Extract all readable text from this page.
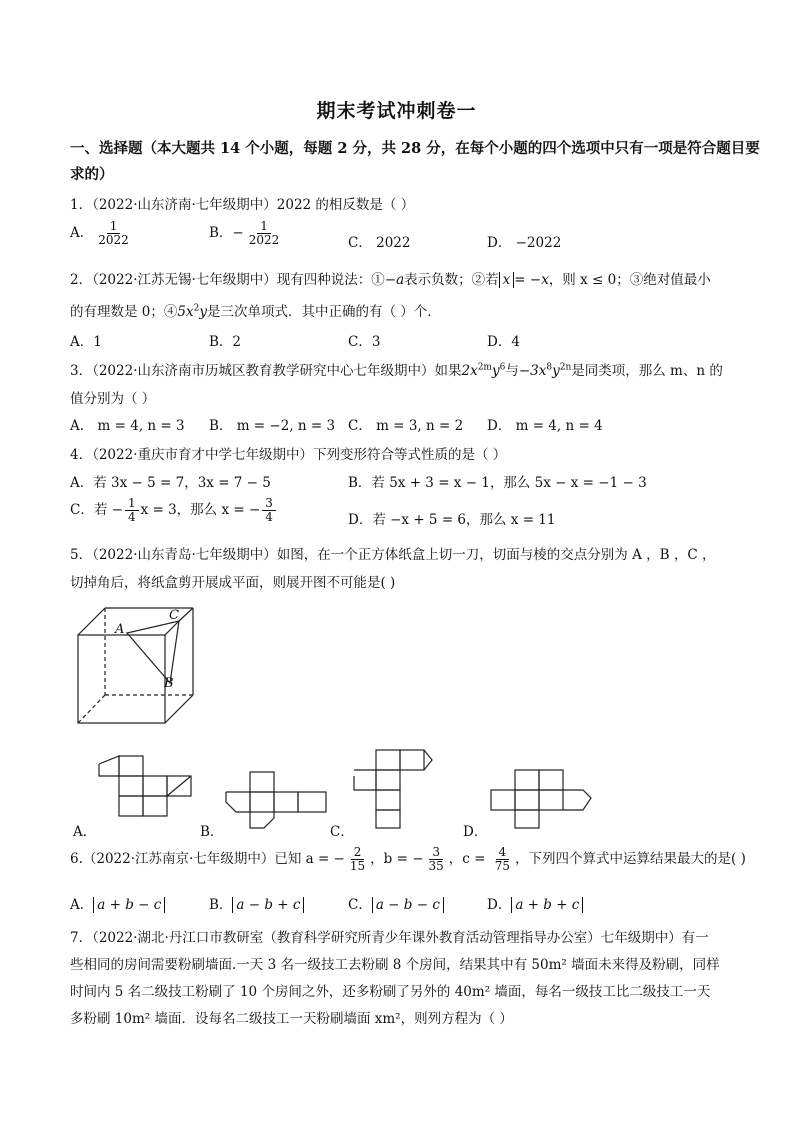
期末考试冲刺卷一
一、选择题（本大题共 14 个小题，每题 2 分，共 28 分，在每个小题的四个选项中只有一项是符合题目要
求的）
1．（2022·山东济南·七年级期中）2022 的相反数是（ ）
A． $\frac{1}{2022}$	B．− $\frac{1}{2022}$	C． 2022	D． −2022
2．（2022·江苏无锡·七年级期中）现有四种说法：①−a表示负数；②若 x = −x，则 x ≤ 0；③绝对值最小
的有理数是 0；$④5x^2y$是三次单项式．其中正确的有（ ）个．
A．1	B．2	C．3	D．4
3．（2022·山东济南市历城区教育教学研究中心七年级期中）如果$2x^{2m}y^6$与$-3x^8y^{2n}$是同类项，那么 m、n 的
值分别为（ ）
A． m = 4, n = 3 B． m = −2, n = 3 C． m = 3, n = 2 D． m = 4, n = 4
4．（2022·重庆市育才中学七年级期中）下列变形符合等式性质的是（ ）
A．若 3x − 5 = 7，3x = 7 − 5	B．若 5x + 3 = x − 1，那么 5x − x = −1 − 3
C．若 − $\frac{1}{4}$ x = 3，那么 x = − $\frac{3}{4}$	D．若 −x + 5 = 6，那么 x = 11
5．（2022·山东青岛·七年级期中）如图，在一个正方体纸盒上切一刀，切面与棱的交点分别为 A ，B ，C ，
切掉角后，将纸盒剪开展成平面，则展开图不可能是( )
A
C
B
A．	B．	C．	D．
6.（2022·江苏南京·七年级期中）已知 a = − $\frac{2}{15}$ ，b = − $\frac{3}{35}$ ，$c = \frac{4}{75}$ ，下列四个算式中运算结果最大的是( )
A． a + b − c	B． a − b + c	C． a − b − c	D． a + b + c
7．（2022·湖北·丹江口市教研室（教育科学研究所青少年课外教育活动管理指导办公室）七年级期中）有一
些相同的房间需要粉刷墙面.一天 3 名一级技工去粉刷 8 个房间，结果其中有 50m² 墙面未来得及粉刷，同样
时间内 5 名二级技工粉刷了 10 个房间之外，还多粉刷了另外的 40m² 墙面，每名一级技工比二级技工一天
多粉刷 10m² 墙面．设每名二级技工一天粉刷墙面 xm²，则列方程为（ ）
